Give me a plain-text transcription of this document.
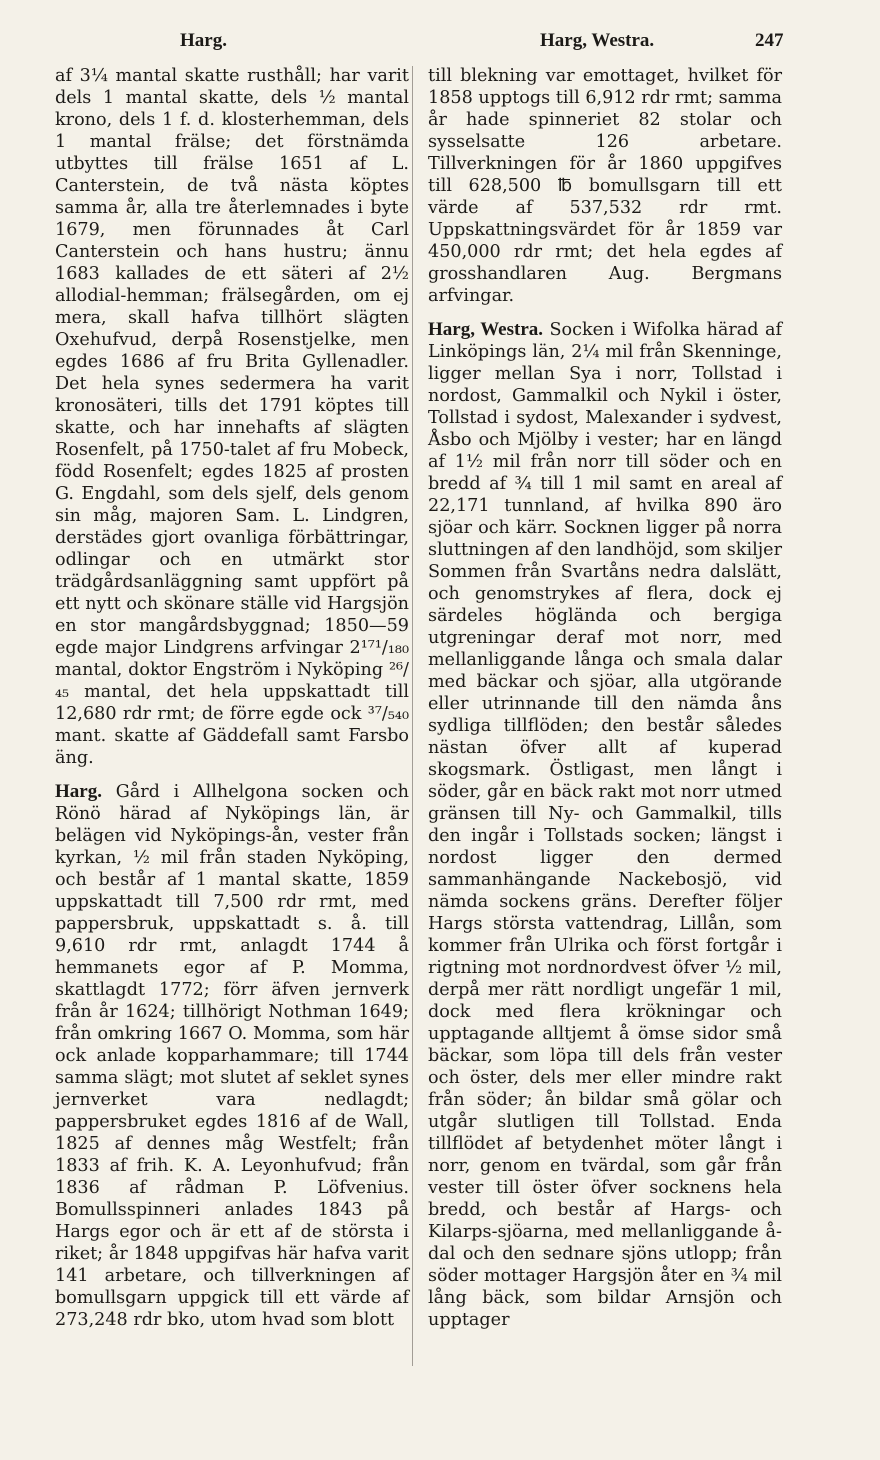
Harg.	Harg, Westra.	247

af 3¼ mantal skatte rusthåll; har varit dels 1 mantal skatte, dels ½ mantal krono, dels 1 f. d. klosterhemman, dels 1 mantal frälse; det förstnämda utbyttes till frälse 1651 af L. Canterstein, de två nästa köptes samma år, alla tre återlemnades i byte 1679, men förunnades åt Carl Canterstein och hans hustru; ännu 1683 kallades de ett säteri af 2½ allodial-hemman; frälsegården, om ej mera, skall hafva tillhört slägten Oxehufvud, derpå Rosenstjelke, men egdes 1686 af fru Brita Gyllenadler. Det hela synes sedermera ha varit kronosäteri, tills det 1791 köptes till skatte, och har innehafts af slägten Rosenfelt, på 1750-talet af fru Mobeck, född Rosenfelt; egdes 1825 af prosten G. Engdahl, som dels sjelf, dels genom sin måg, majoren Sam. L. Lindgren, derstädes gjort ovanliga förbättringar, odlingar och en utmärkt stor trädgårdsanläggning samt uppfört på ett nytt och skönare ställe vid Hargsjön en stor mangårdsbyggnad; 1850—59 egde major Lindgrens arfvingar 2¹⁷¹/₁₈₀ mantal, doktor Engström i Nyköping ²⁶/₄₅ mantal, det hela uppskattadt till 12,680 rdr rmt; de förre egde ock ³⁷/₅₄₀ mant. skatte af Gäddefall samt Farsbo äng.

Harg. Gård i Allhelgona socken och Rönö härad af Nyköpings län, är belägen vid Nyköpings-ån, vester från kyrkan, ½ mil från staden Nyköping, och består af 1 mantal skatte, 1859 uppskattadt till 7,500 rdr rmt, med pappersbruk, uppskattadt s. å. till 9,610 rdr rmt, anlagdt 1744 å hemmanets egor af P. Momma, skattlagdt 1772; förr äfven jernverk från år 1624; tillhörigt Nothman 1649; från omkring 1667 O. Momma, som här ock anlade kopparhammare; till 1744 samma slägt; mot slutet af seklet synes jernverket vara nedlagdt; pappersbruket egdes 1816 af de Wall, 1825 af dennes måg Westfelt; från 1833 af frih. K. A. Leyonhufvud; från 1836 af rådman P. Löfvenius. Bomullsspinneri anlades 1843 på Hargs egor och är ett af de största i riket; år 1848 uppgifvas här hafva varit 141 arbetare, och tillverkningen af bomullsgarn uppgick till ett värde af 273,248 rdr bko, utom hvad som blott

till blekning var emottaget, hvilket för 1858 upptogs till 6,912 rdr rmt; samma år hade spinneriet 82 stolar och sysselsatte 126 arbetare. Tillverkningen för år 1860 uppgifves till 628,500 ℔ bomullsgarn till ett värde af 537,532 rdr rmt. Uppskattningsvärdet för år 1859 var 450,000 rdr rmt; det hela egdes af grosshandlaren Aug. Bergmans arfvingar.

Harg, Westra. Socken i Wifolka härad af Linköpings län, 2¼ mil från Skenninge, ligger mellan Sya i norr, Tollstad i nordost, Gammalkil och Nykil i öster, Tollstad i sydost, Malexander i sydvest, Åsbo och Mjölby i vester; har en längd af 1½ mil från norr till söder och en bredd af ¾ till 1 mil samt en areal af 22,171 tunnland, af hvilka 890 äro sjöar och kärr. Socknen ligger på norra sluttningen af den landhöjd, som skiljer Sommen från Svartåns nedra dalslätt, och genomstrykes af flera, dock ej särdeles höglända och bergiga utgreningar deraf mot norr, med mellanliggande långa och smala dalar med bäckar och sjöar, alla utgörande eller utrinnande till den nämda åns sydliga tillflöden; den består således nästan öfver allt af kuperad skogsmark. Östligast, men långt i söder, går en bäck rakt mot norr utmed gränsen till Ny- och Gammalkil, tills den ingår i Tollstads socken; längst i nordost ligger den dermed sammanhängande Nackebosjö, vid nämda sockens gräns. Derefter följer Hargs största vattendrag, Lillån, som kommer från Ulrika och först fortgår i rigtning mot nordnordvest öfver ½ mil, derpå mer rätt nordligt ungefär 1 mil, dock med flera krökningar och upptagande alltjemt å ömse sidor små bäckar, som löpa till dels från vester och öster, dels mer eller mindre rakt från söder; ån bildar små gölar och utgår slutligen till Tollstad. Enda tillflödet af betydenhet möter långt i norr, genom en tvärdal, som går från vester till öster öfver socknens hela bredd, och består af Hargs- och Kilarps-sjöarna, med mellanliggande å-dal och den sednare sjöns utlopp; från söder mottager Hargsjön åter en ¾ mil lång bäck, som bildar Arnsjön och upptager
